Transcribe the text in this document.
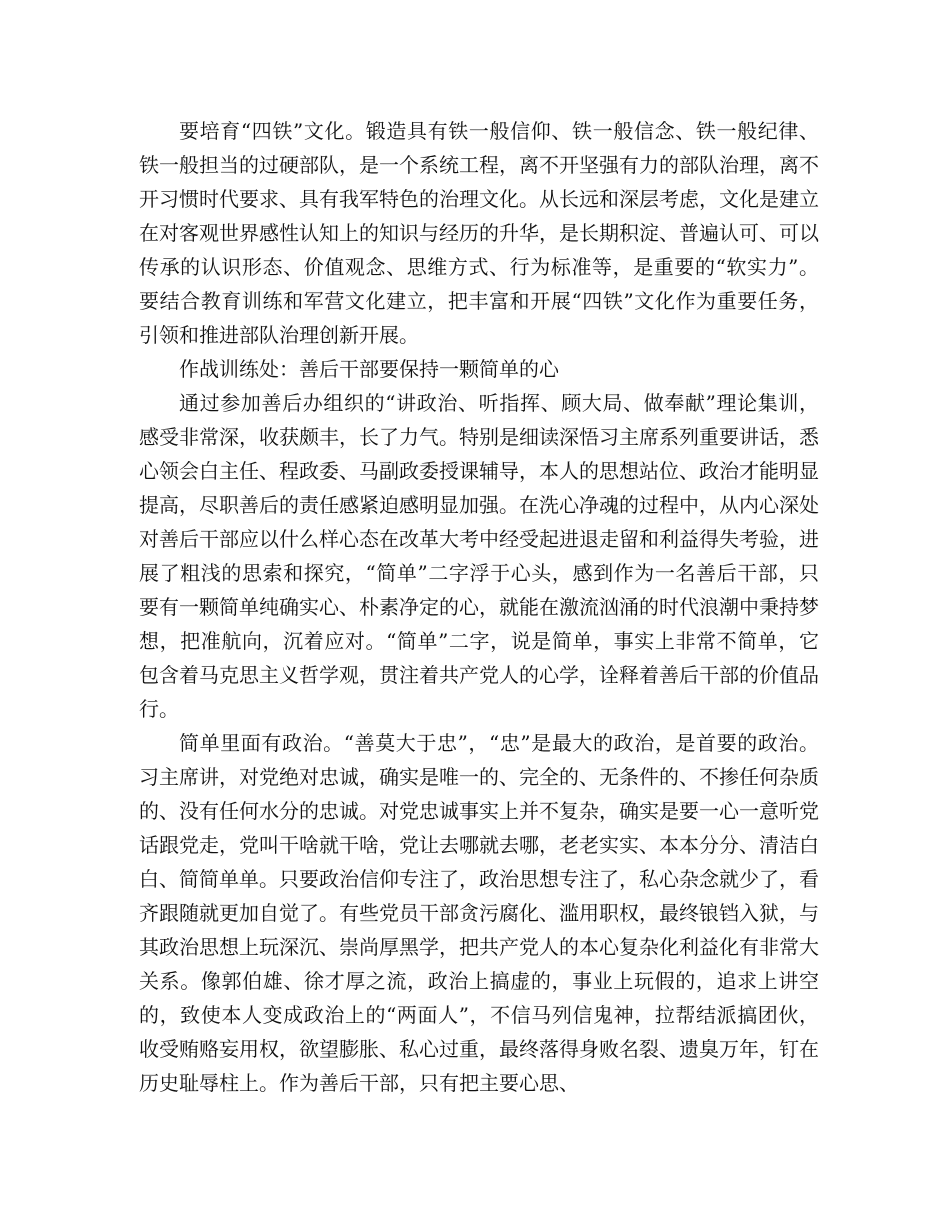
要培育“四铁”文化。锻造具有铁一般信仰、铁一般信念、铁一般纪律、铁一般担当的过硬部队，是一个系统工程，离不开坚强有力的部队治理，离不开习惯时代要求、具有我军特色的治理文化。从长远和深层考虑，文化是建立在对客观世界感性认知上的知识与经历的升华，是长期积淀、普遍认可、可以传承的认识形态、价值观念、思维方式、行为标准等，是重要的“软实力”。要结合教育训练和军营文化建立，把丰富和开展“四铁”文化作为重要任务，引领和推进部队治理创新开展。

作战训练处：善后干部要保持一颗简单的心

通过参加善后办组织的“讲政治、听指挥、顾大局、做奉献”理论集训，感受非常深，收获颇丰，长了力气。特别是细读深悟习主席系列重要讲话，悉心领会白主任、程政委、马副政委授课辅导，本人的思想站位、政治才能明显提高，尽职善后的责任感紧迫感明显加强。在洗心净魂的过程中，从内心深处对善后干部应以什么样心态在改革大考中经受起进退走留和利益得失考验，进展了粗浅的思索和探究，“简单”二字浮于心头，感到作为一名善后干部，只要有一颗简单纯确实心、朴素净定的心，就能在激流汹涌的时代浪潮中秉持梦想，把准航向，沉着应对。“简单”二字，说是简单，事实上非常不简单，它包含着马克思主义哲学观，贯注着共产党人的心学，诠释着善后干部的价值品行。

简单里面有政治。“善莫大于忠”，“忠”是最大的政治，是首要的政治。习主席讲，对党绝对忠诚，确实是唯一的、完全的、无条件的、不掺任何杂质的、没有任何水分的忠诚。对党忠诚事实上并不复杂，确实是要一心一意听党话跟党走，党叫干啥就干啥，党让去哪就去哪，老老实实、本本分分、清洁白白、简简单单。只要政治信仰专注了，政治思想专注了，私心杂念就少了，看齐跟随就更加自觉了。有些党员干部贪污腐化、滥用职权，最终锒铛入狱，与其政治思想上玩深沉、崇尚厚黑学，把共产党人的本心复杂化利益化有非常大关系。像郭伯雄、徐才厚之流，政治上搞虚的，事业上玩假的，追求上讲空的，致使本人变成政治上的“两面人”，不信马列信鬼神，拉帮结派搞团伙，收受贿赂妄用权，欲望膨胀、私心过重，最终落得身败名裂、遗臭万年，钉在历史耻辱柱上。作为善后干部，只有把主要心思、
